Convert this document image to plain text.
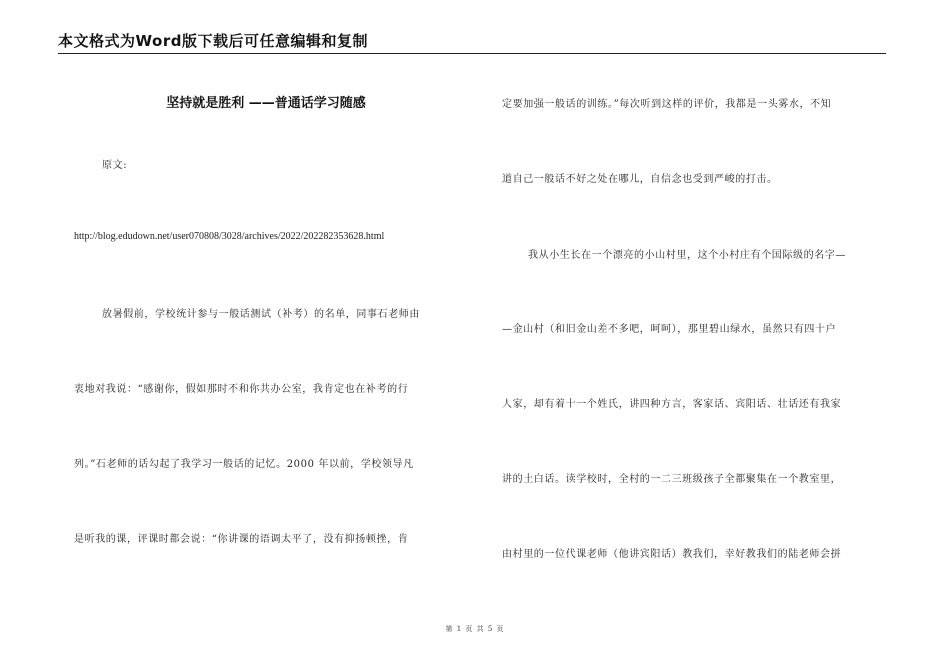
本文格式为Word版下载后可任意编辑和复制
坚持就是胜利 ——普通话学习随感
原文:
http://blog.edudown.net/user070808/3028/archives/2022/202282353628.html
放暑假前，学校统计参与一般话测试（补考）的名单，同事石老师由
衷地对我说：“感谢你，假如那时不和你共办公室，我肯定也在补考的行
列。”石老师的话勾起了我学习一般话的记忆。2000 年以前，学校领导凡
是听我的课，评课时都会说：“你讲课的语调太平了，没有抑扬顿挫，肯
定要加强一般话的训练。”每次听到这样的评价，我都是一头雾水，不知
道自己一般话不好之处在哪儿，自信念也受到严峻的打击。
我从小生长在一个漂亮的小山村里，这个小村庄有个国际级的名字—
—金山村（和旧金山差不多吧，呵呵），那里碧山绿水，虽然只有四十户
人家，却有着十一个姓氏，讲四种方言，客家话、宾阳话、壮话还有我家
讲的土白话。读学校时，全村的一二三班级孩子全都聚集在一个教室里，
由村里的一位代课老师（他讲宾阳话）教我们，幸好教我们的陆老师会拼
第 1 页 共 5 页
